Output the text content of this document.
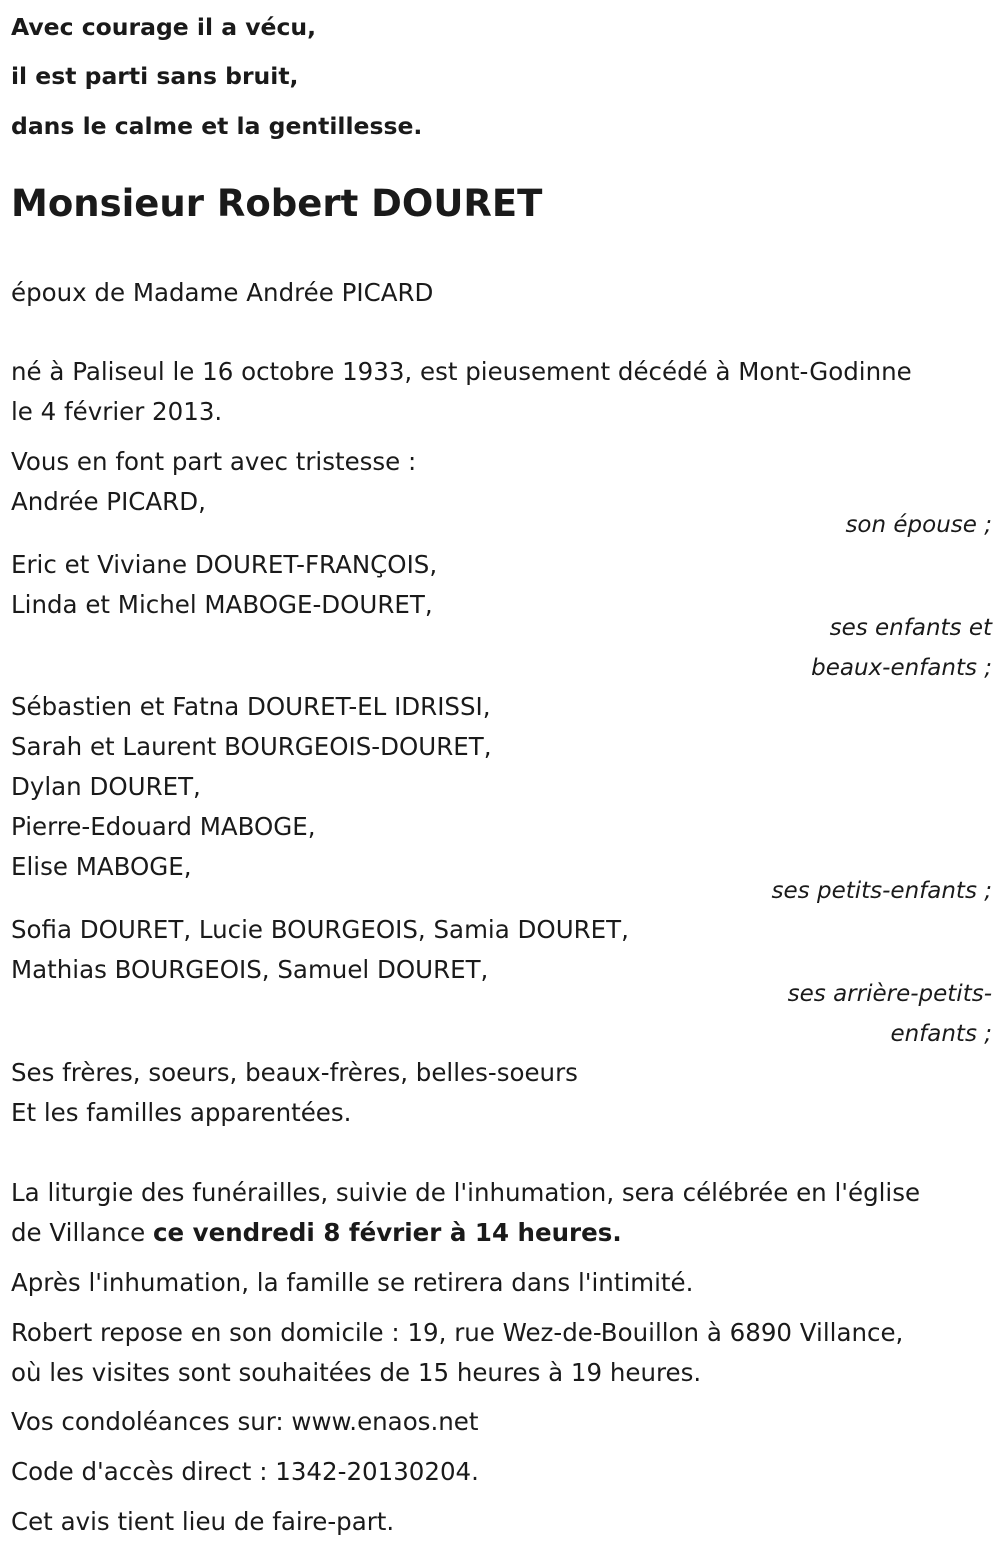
Avec courage il a vécu,
il est parti sans bruit,
dans le calme et la gentillesse.
Monsieur Robert DOURET
époux de Madame Andrée PICARD
né à Paliseul le 16 octobre 1933, est pieusement décédé à Mont-Godinne
le 4 février 2013.
Vous en font part avec tristesse :
Andrée PICARD,
son épouse ;
Eric et Viviane DOURET-FRANÇOIS,
Linda et Michel MABOGE-DOURET,
ses enfants et
beaux-enfants ;
Sébastien et Fatna DOURET-EL IDRISSI,
Sarah et Laurent BOURGEOIS-DOURET,
Dylan DOURET,
Pierre-Edouard MABOGE,
Elise MABOGE,
ses petits-enfants ;
Sofia DOURET, Lucie BOURGEOIS, Samia DOURET,
Mathias BOURGEOIS, Samuel DOURET,
ses arrière-petits-
enfants ;
Ses frères, soeurs, beaux-frères, belles-soeurs
Et les familles apparentées.
La liturgie des funérailles, suivie de l'inhumation, sera célébrée en l'église
de Villance ce vendredi 8 février à 14 heures.
Après l'inhumation, la famille se retirera dans l'intimité.
Robert repose en son domicile : 19, rue Wez-de-Bouillon à 6890 Villance,
où les visites sont souhaitées de 15 heures à 19 heures.
Vos condoléances sur: www.enaos.net
Code d'accès direct : 1342-20130204.
Cet avis tient lieu de faire-part.
